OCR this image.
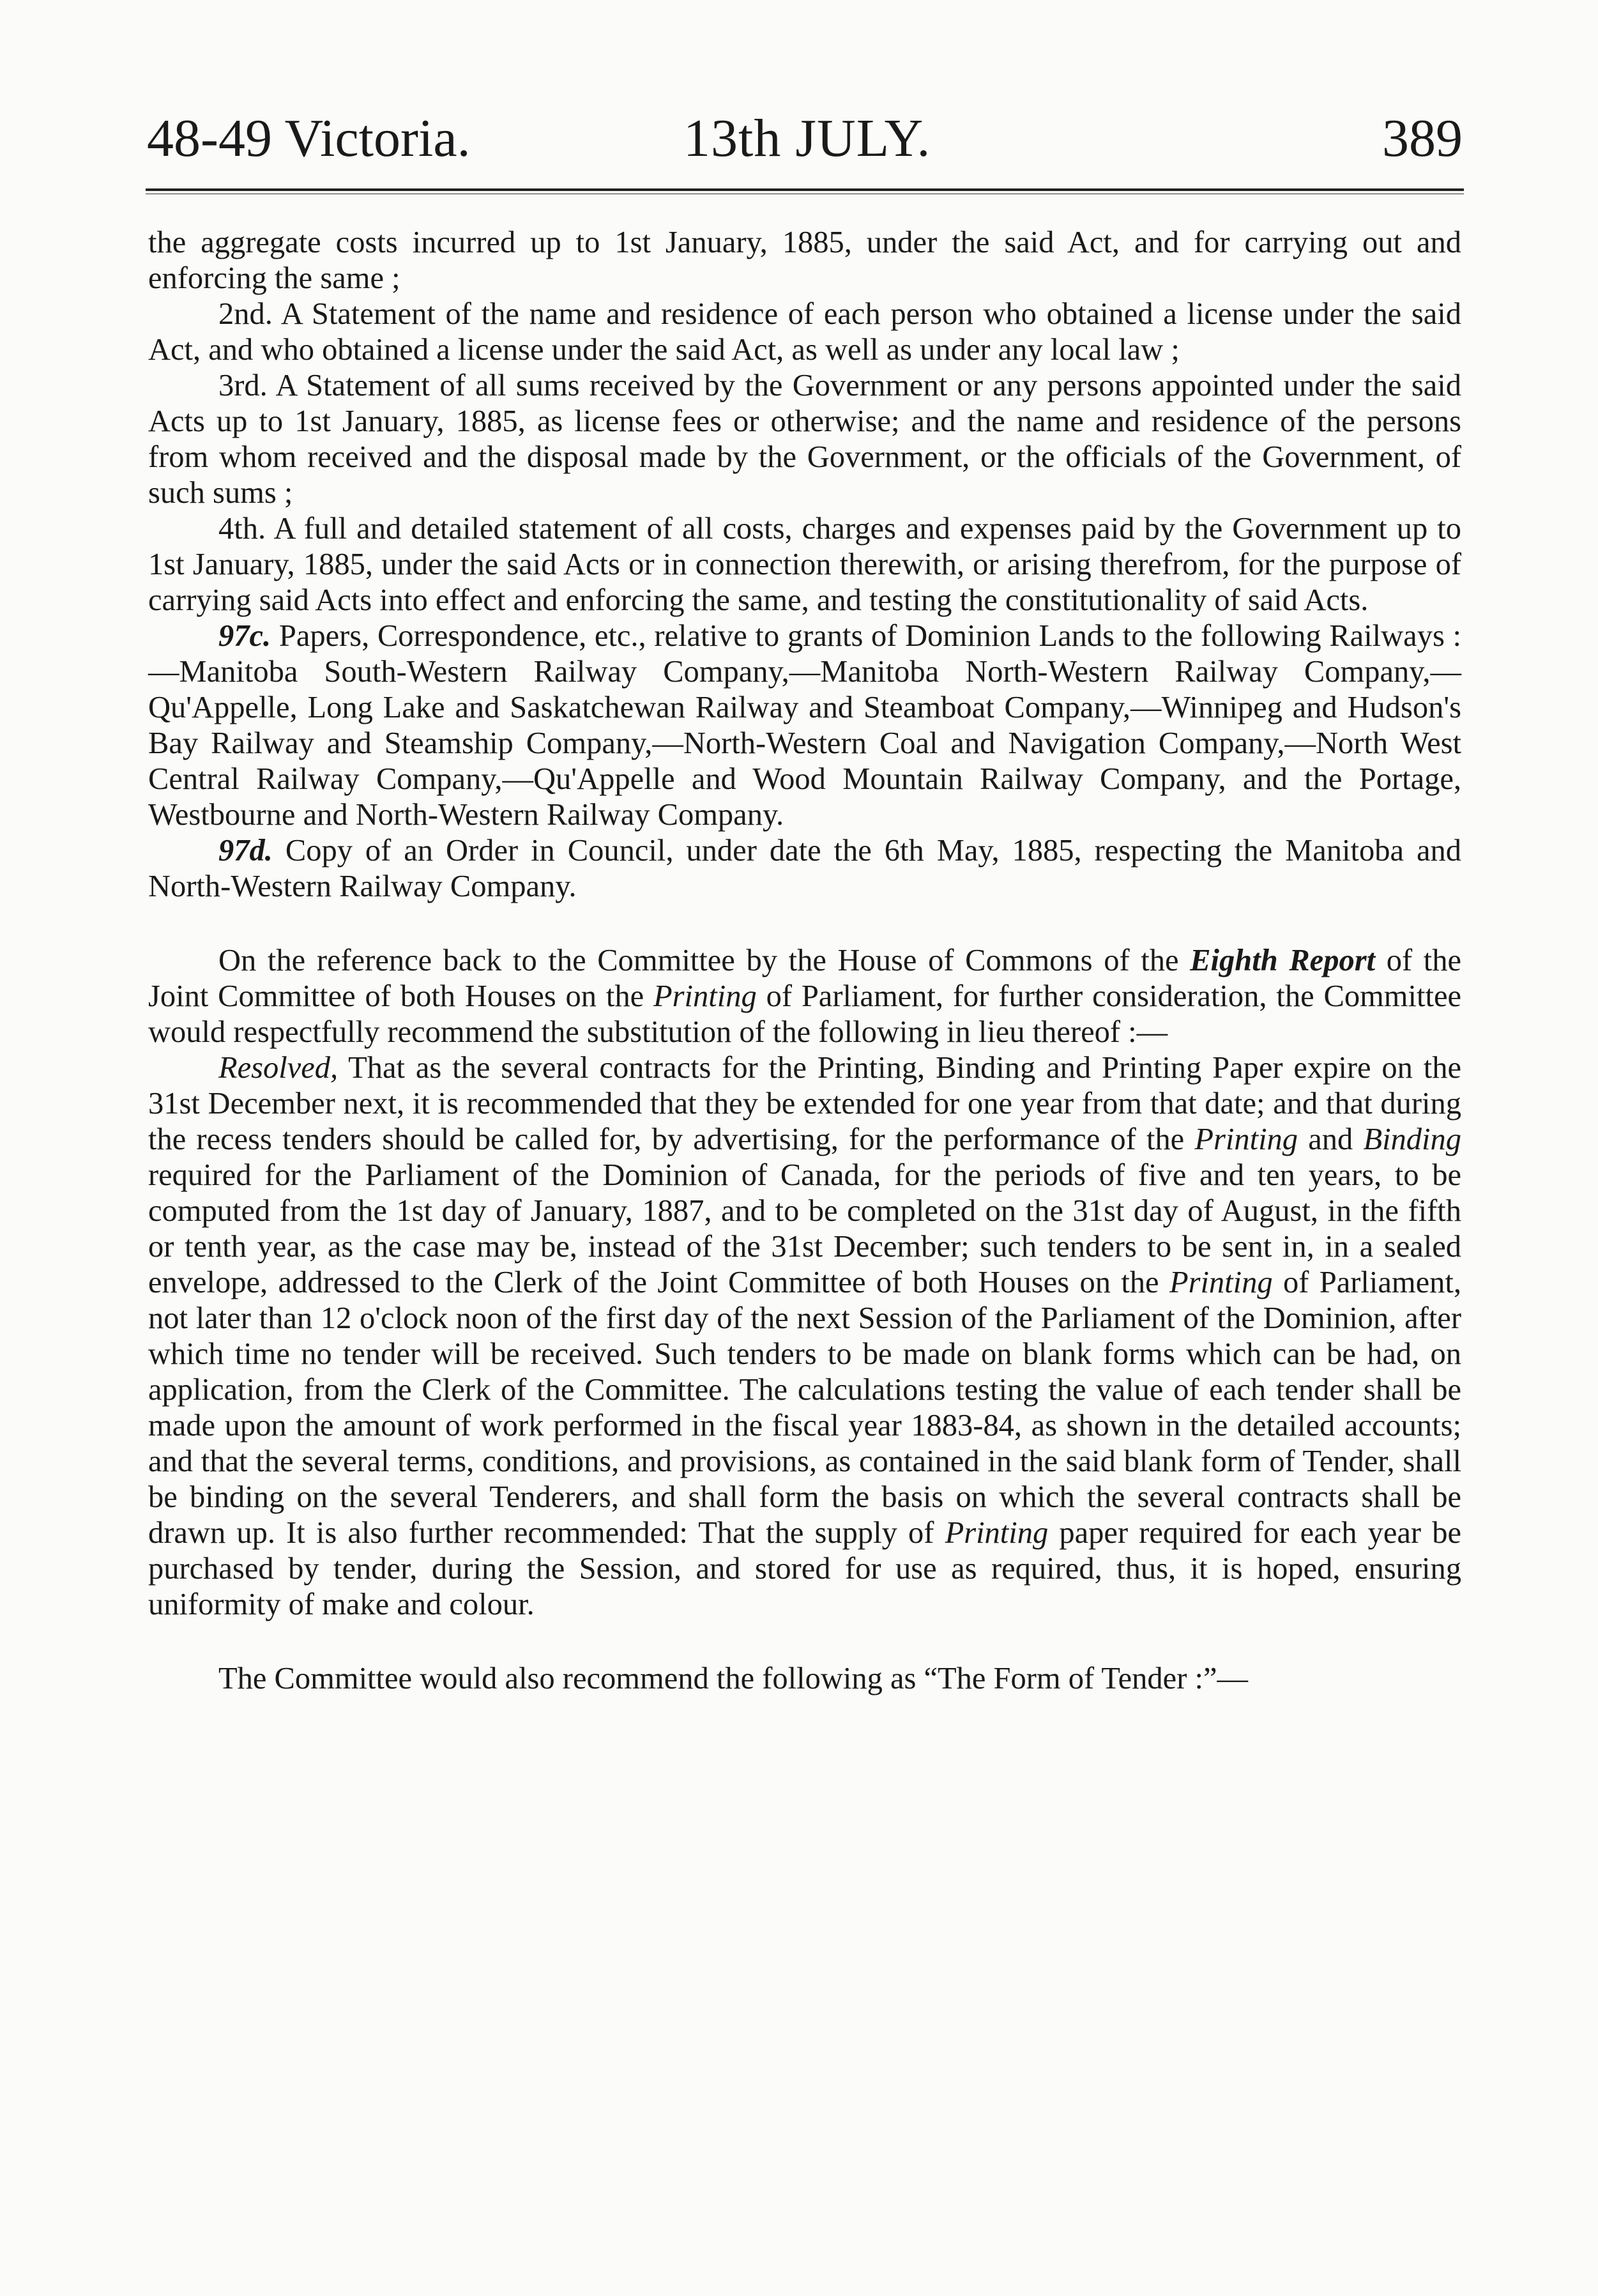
48-49 Victoria.	13th JULY.	389

the aggregate costs incurred up to 1st January, 1885, under the said Act, and for carrying out and enforcing the same ;

2nd. A Statement of the name and residence of each person who obtained a license under the said Act, and who obtained a license under the said Act, as well as under any local law ;

3rd. A Statement of all sums received by the Government or any persons appointed under the said Acts up to 1st January, 1885, as license fees or otherwise; and the name and residence of the persons from whom received and the disposal made by the Government, or the officials of the Government, of such sums ;

4th. A full and detailed statement of all costs, charges and expenses paid by the Government up to 1st January, 1885, under the said Acts or in connection therewith, or arising therefrom, for the purpose of carrying said Acts into effect and enforcing the same, and testing the constitutionality of said Acts.

97c. Papers, Correspondence, etc., relative to grants of Dominion Lands to the following Railways :—Manitoba South-Western Railway Company,—Manitoba North-Western Railway Company,—Qu'Appelle, Long Lake and Saskatchewan Railway and Steamboat Company,—Winnipeg and Hudson's Bay Railway and Steamship Company,—North-Western Coal and Navigation Company,—North West Central Railway Company,—Qu'Appelle and Wood Mountain Railway Company, and the Portage, Westbourne and North-Western Railway Company.

97d. Copy of an Order in Council, under date the 6th May, 1885, respecting the Manitoba and North-Western Railway Company.

On the reference back to the Committee by the House of Commons of the Eighth Report of the Joint Committee of both Houses on the Printing of Parliament, for further consideration, the Committee would respectfully recommend the substitution of the following in lieu thereof :—

Resolved, That as the several contracts for the Printing, Binding and Printing Paper expire on the 31st December next, it is recommended that they be extended for one year from that date; and that during the recess tenders should be called for, by advertising, for the performance of the Printing and Binding required for the Parliament of the Dominion of Canada, for the periods of five and ten years, to be computed from the 1st day of January, 1887, and to be completed on the 31st day of August, in the fifth or tenth year, as the case may be, instead of the 31st December; such tenders to be sent in, in a sealed envelope, addressed to the Clerk of the Joint Committee of both Houses on the Printing of Parliament, not later than 12 o'clock noon of the first day of the next Session of the Parliament of the Dominion, after which time no tender will be received. Such tenders to be made on blank forms which can be had, on application, from the Clerk of the Committee. The calculations testing the value of each tender shall be made upon the amount of work performed in the fiscal year 1883-84, as shown in the detailed accounts; and that the several terms, conditions, and provisions, as contained in the said blank form of Tender, shall be binding on the several Tenderers, and shall form the basis on which the several contracts shall be drawn up. It is also further recommended: That the supply of Printing paper required for each year be purchased by tender, during the Session, and stored for use as required, thus, it is hoped, ensuring uniformity of make and colour.

The Committee would also recommend the following as “The Form of Tender :”—
